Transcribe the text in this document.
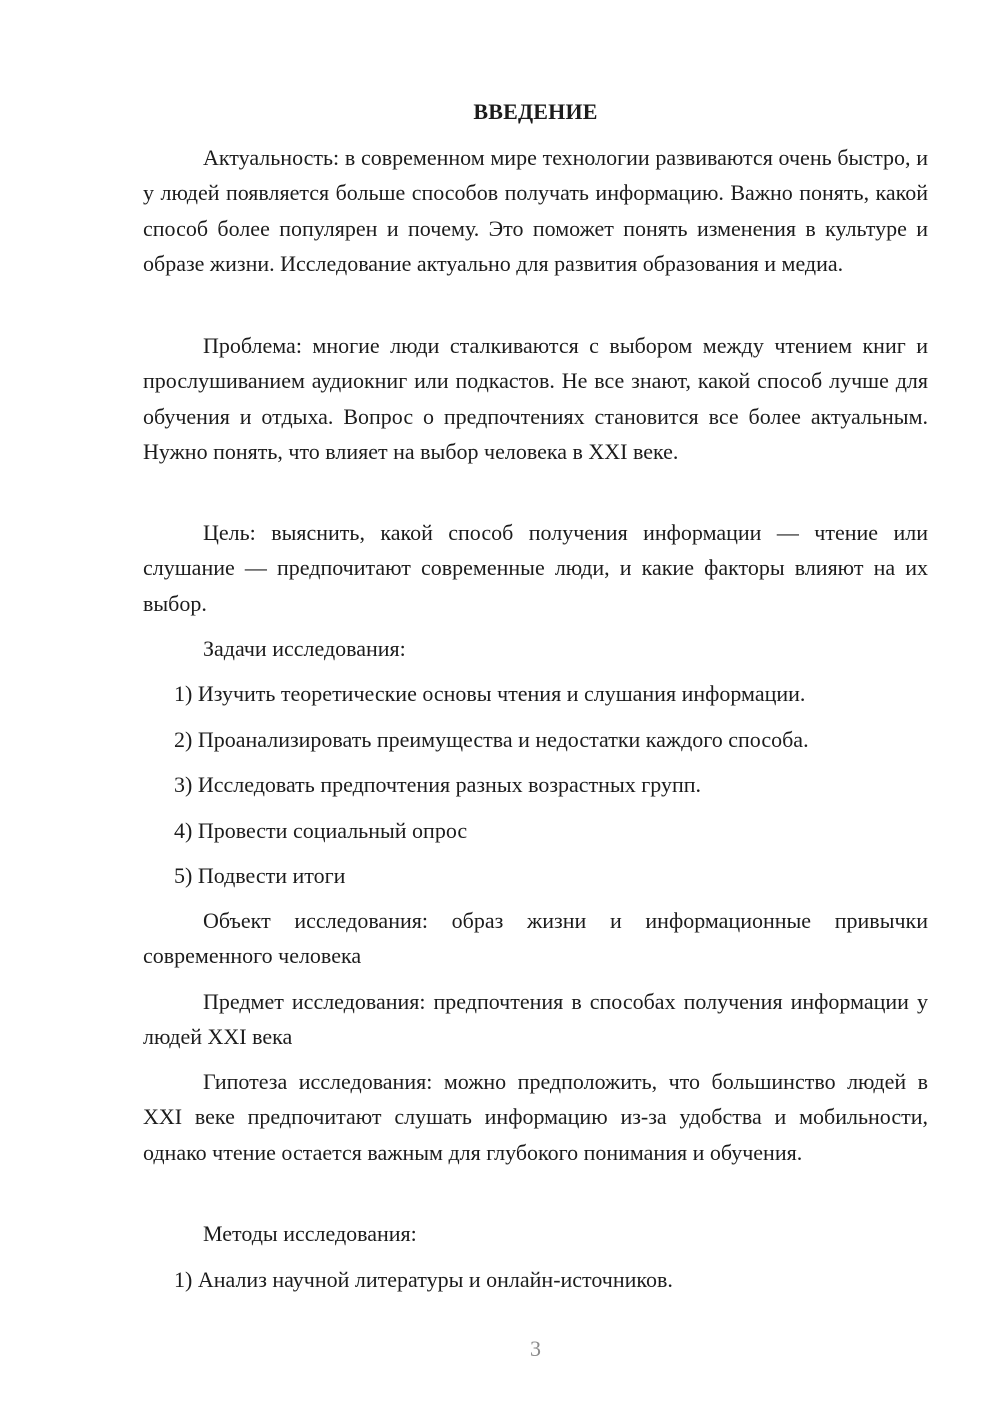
ВВЕДЕНИЕ

Актуальность: в современном мире технологии развиваются очень быстро, и у людей появляется больше способов получать информацию. Важно понять, какой способ более популярен и почему. Это поможет понять изменения в культуре и образе жизни. Исследование актуально для развития образования и медиа.

Проблема: многие люди сталкиваются с выбором между чтением книг и прослушиванием аудиокниг или подкастов. Не все знают, какой способ лучше для обучения и отдыха. Вопрос о предпочтениях становится все более актуальным. Нужно понять, что влияет на выбор человека в XXI веке.

Цель: выяснить, какой способ получения информации — чтение или слушание — предпочитают современные люди, и какие факторы влияют на их выбор.

Задачи исследования:

1) Изучить теоретические основы чтения и слушания информации.

2) Проанализировать преимущества и недостатки каждого способа.

3) Исследовать предпочтения разных возрастных групп.

4) Провести социальный опрос

5) Подвести итоги

Объект исследования: образ жизни и информационные привычки современного человека

Предмет исследования: предпочтения в способах получения информации у людей XXI века

Гипотеза исследования: можно предположить, что большинство людей в XXI веке предпочитают слушать информацию из-за удобства и мобильности, однако чтение остается важным для глубокого понимания и обучения.

Методы исследования:

1) Анализ научной литературы и онлайн-источников.

3
